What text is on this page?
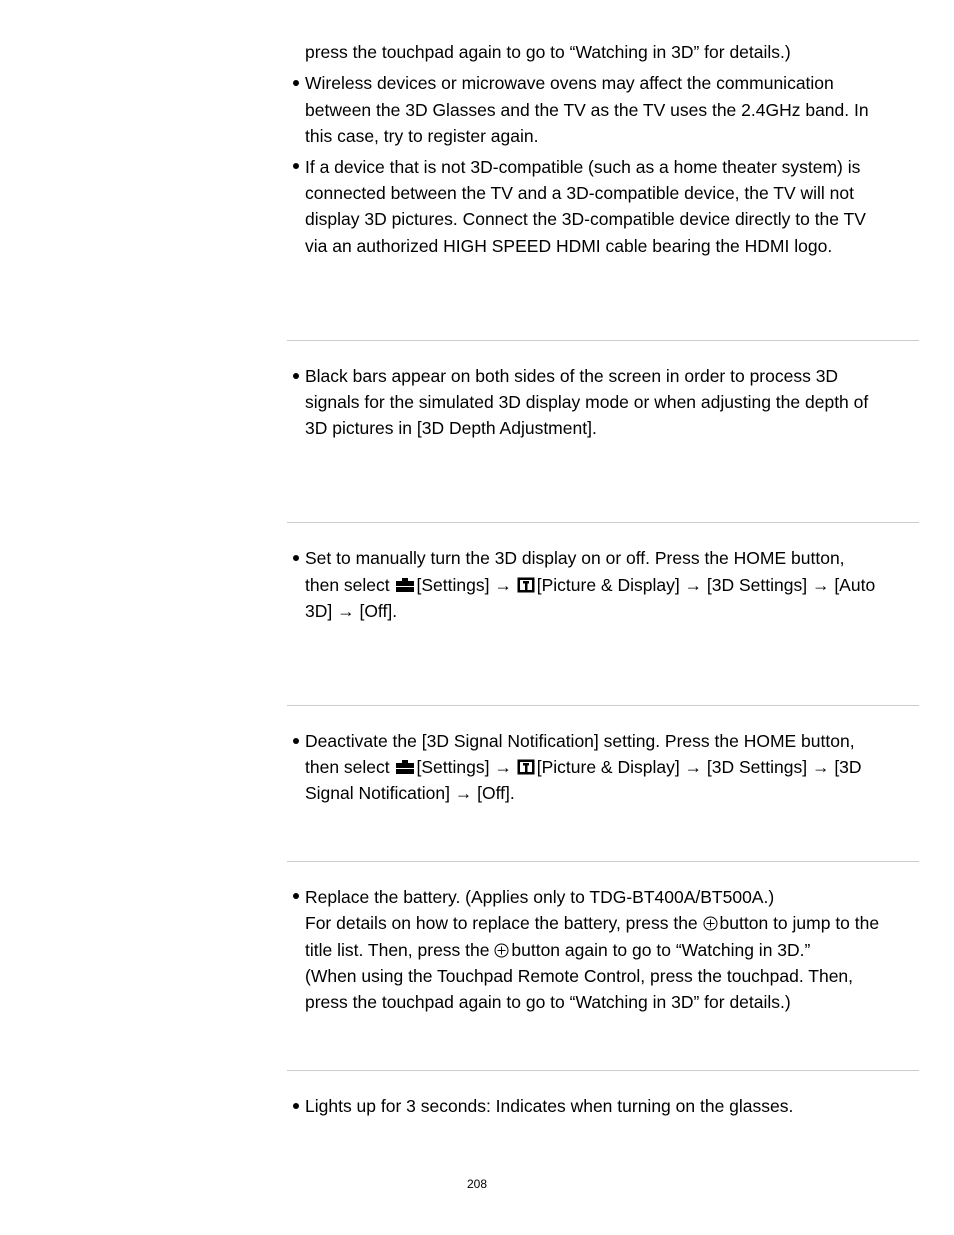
press the touchpad again to go to “Watching in 3D” for details.)
Wireless devices or microwave ovens may affect the communication
between the 3D Glasses and the TV as the TV uses the 2.4GHz band. In
this case, try to register again.
If a device that is not 3D-compatible (such as a home theater system) is
connected between the TV and a 3D-compatible device, the TV will not
display 3D pictures. Connect the 3D-compatible device directly to the TV
via an authorized HIGH SPEED HDMI cable bearing the HDMI logo.
Black bars appear on both sides of the screen in order to process 3D
signals for the simulated 3D display mode or when adjusting the depth of
3D pictures in [3D Depth Adjustment].
Set to manually turn the 3D display on or off. Press the HOME button,
then select [Settings] → [Picture & Display] → [3D Settings] → [Auto
3D] → [Off].
Deactivate the [3D Signal Notification] setting. Press the HOME button,
then select [Settings] → [Picture & Display] → [3D Settings] → [3D
Signal Notification] → [Off].
Replace the battery. (Applies only to TDG-BT400A/BT500A.)
For details on how to replace the battery, press the button to jump to the
title list. Then, press the button again to go to “Watching in 3D.”
(When using the Touchpad Remote Control, press the touchpad. Then,
press the touchpad again to go to “Watching in 3D” for details.)
Lights up for 3 seconds: Indicates when turning on the glasses.
208
